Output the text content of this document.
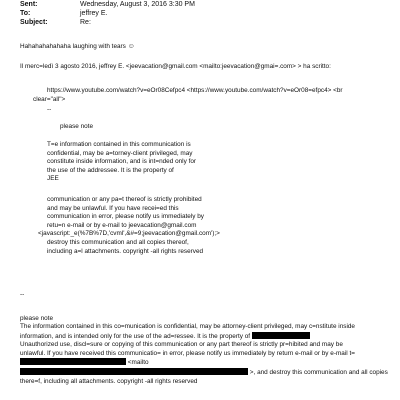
Sent:	Wednesday, August 3, 2016 3:30 PM
To:	jeffrey E.
Subject:	Re:
Hahahahahahaha laughing with tears ☺
Il merc=ledì 3 agosto 2016, jeffrey E. <jeevacation@gmail.com <mailto:jeevacation@gmai=.com> > ha scritto:
https://www.youtube.com/watch?v=eOr08Cefpc4 <https://www.youtube.com/watch?v=eOr08=efpc4> <br
clear="all">
--
please note
T=e information contained in this communication is
confidential, may be a=torney-client privileged, may
constitute inside information, and is int=nded only for
the use of the addressee. It is the property of
JEE
communication or any pa=t thereof is strictly prohibited
and may be unlawful. If you have recei=ed this
communication in error, please notify us immediately by
retu=n e-mail or by e-mail to jeevacation@gmail.com
<javascript:_e(%7B%7D,'cvml',&#=9;jeevacation@gmail.com');>
destroy this communication and all copies thereof,
including a=l attachments. copyright -all rights reserved
--
please note
The information contained in this co=munication is confidential, may be attorney-client privileged, may c=nstitute inside
information, and is intended only for the use of the ad=ressee. It is the property of
Unauthorized use, discl=sure or copying of this communication or any part thereof is strictly pr=hibited and may be
unlawful. If you have received this communicatio= in error, please notify us immediately by return e-mail or by e-mail t=
<mailto
>, and destroy this communication and all copies
there=f, including all attachments. copyright -all rights reserved
